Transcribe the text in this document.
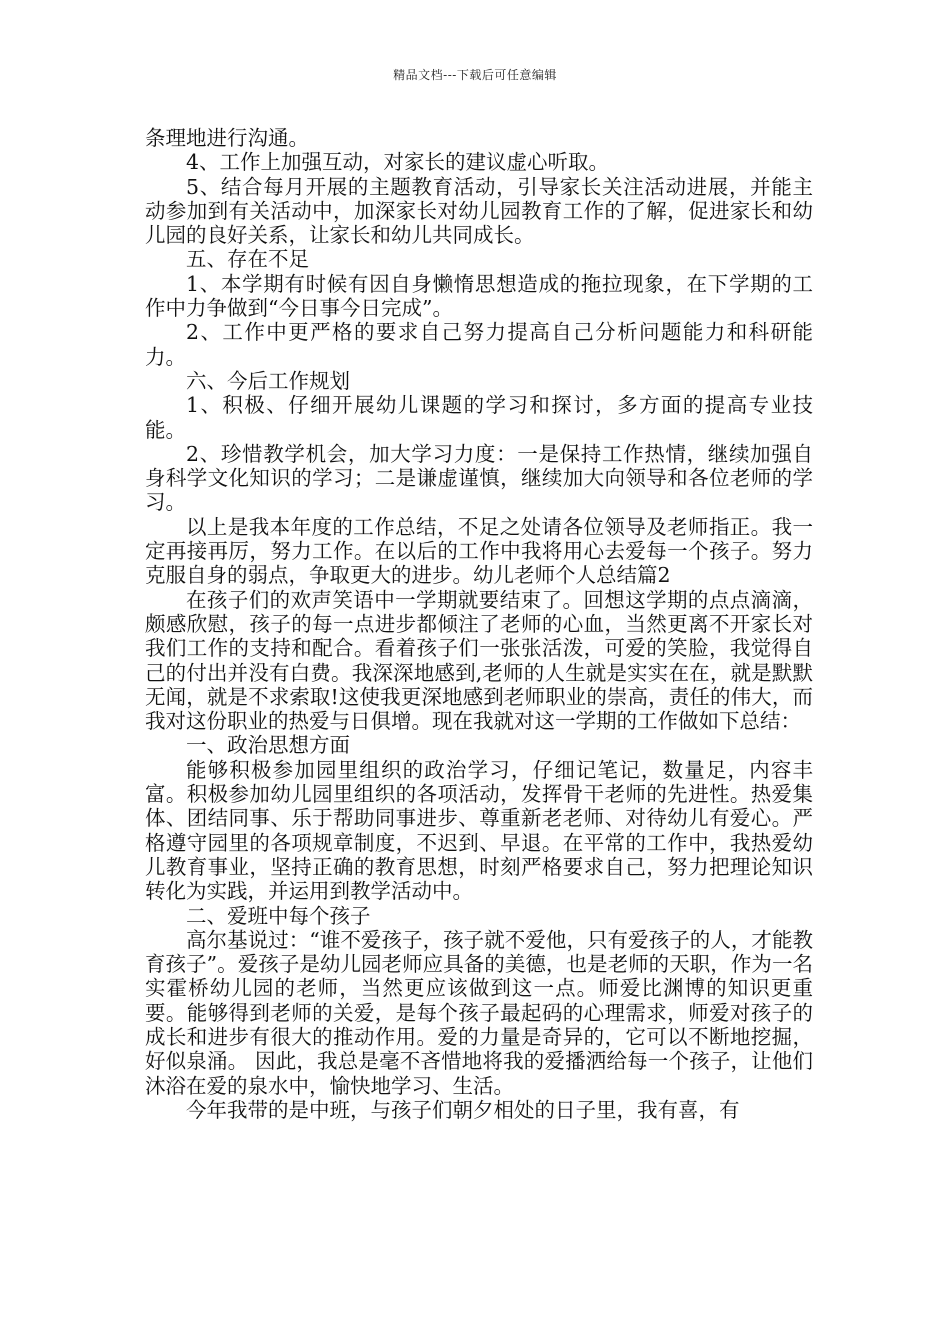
精品文档---下载后可任意编辑

条理地进行沟通。

4、工作上加强互动，对家长的建议虚心听取。

5、结合每月开展的主题教育活动，引导家长关注活动进展，并能主动参加到有关活动中，加深家长对幼儿园教育工作的了解，促进家长和幼儿园的良好关系，让家长和幼儿共同成长。

五、存在不足

1、本学期有时候有因自身懒惰思想造成的拖拉现象，在下学期的工作中力争做到“今日事今日完成”。

2、工作中更严格的要求自己努力提高自己分析问题能力和科研能力。

六、今后工作规划

1、积极、仔细开展幼儿课题的学习和探讨，多方面的提高专业技能。

2、珍惜教学机会，加大学习力度：一是保持工作热情，继续加强自身科学文化知识的学习；二是谦虚谨慎，继续加大向领导和各位老师的学习。

以上是我本年度的工作总结，不足之处请各位领导及老师指正。我一定再接再厉，努力工作。在以后的工作中我将用心去爱每一个孩子。努力克服自身的弱点，争取更大的进步。幼儿老师个人总结篇2

在孩子们的欢声笑语中一学期就要结束了。回想这学期的点点滴滴，颇感欣慰，孩子的每一点进步都倾注了老师的心血，当然更离不开家长对我们工作的支持和配合。看着孩子们一张张活泼，可爱的笑脸，我觉得自己的付出并没有白费。我深深地感到,老师的人生就是实实在在，就是默默无闻，就是不求索取!这使我更深地感到老师职业的崇高，责任的伟大，而我对这份职业的热爱与日俱增。现在我就对这一学期的工作做如下总结：

一、政治思想方面

能够积极参加园里组织的政治学习，仔细记笔记，数量足，内容丰富。积极参加幼儿园里组织的各项活动，发挥骨干老师的先进性。热爱集体、团结同事、乐于帮助同事进步、尊重新老老师、对待幼儿有爱心。严格遵守园里的各项规章制度，不迟到、早退。在平常的工作中，我热爱幼儿教育事业，坚持正确的教育思想，时刻严格要求自己，努力把理论知识转化为实践，并运用到教学活动中。

二、爱班中每个孩子

高尔基说过：“谁不爱孩子，孩子就不爱他，只有爱孩子的人，才能教育孩子”。爱孩子是幼儿园老师应具备的美德，也是老师的天职，作为一名实霍桥幼儿园的老师，当然更应该做到这一点。师爱比渊博的知识更重要。能够得到老师的关爱，是每个孩子最起码的心理需求，师爱对孩子的成长和进步有很大的推动作用。爱的力量是奇异的，它可以不断地挖掘，好似泉涌。 因此，我总是毫不吝惜地将我的爱播洒给每一个孩子，让他们沐浴在爱的泉水中，愉快地学习、生活。

今年我带的是中班，与孩子们朝夕相处的日子里，我有喜，有
